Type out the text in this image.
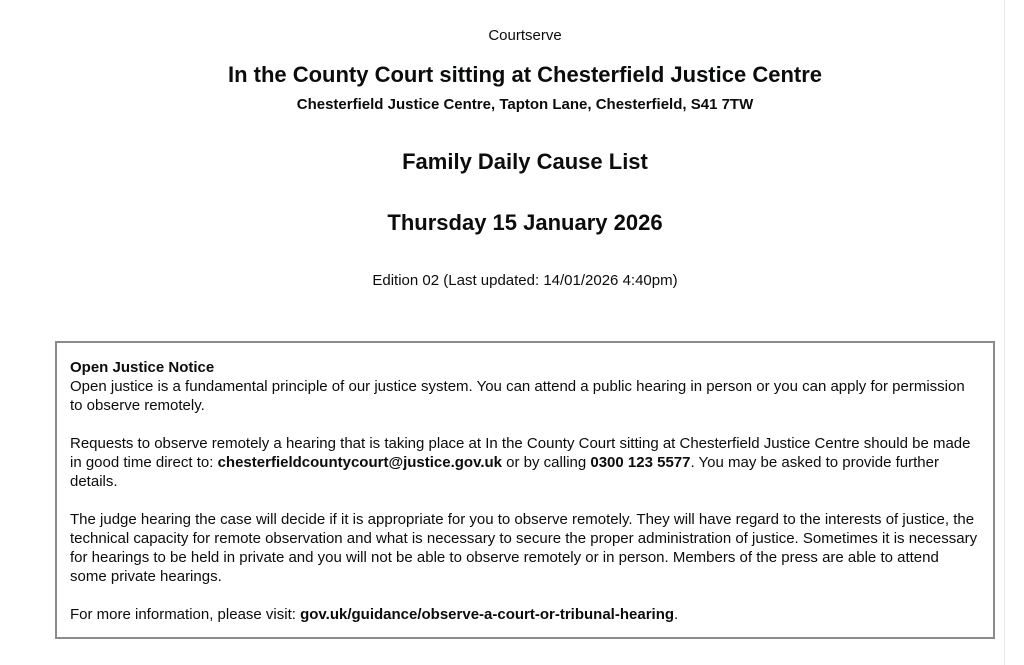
Courtserve
In the County Court sitting at Chesterfield Justice Centre
Chesterfield Justice Centre, Tapton Lane, Chesterfield, S41 7TW
Family Daily Cause List
Thursday 15 January 2026
Edition 02 (Last updated: 14/01/2026 4:40pm)

Open Justice Notice
Open justice is a fundamental principle of our justice system. You can attend a public hearing in person or you can apply for permission to observe remotely.

Requests to observe remotely a hearing that is taking place at In the County Court sitting at Chesterfield Justice Centre should be made in good time direct to: chesterfieldcountycourt@justice.gov.uk or by calling 0300 123 5577. You may be asked to provide further details.

The judge hearing the case will decide if it is appropriate for you to observe remotely. They will have regard to the interests of justice, the technical capacity for remote observation and what is necessary to secure the proper administration of justice. Sometimes it is necessary for hearings to be held in private and you will not be able to observe remotely or in person. Members of the press are able to attend some private hearings.

For more information, please visit: gov.uk/guidance/observe-a-court-or-tribunal-hearing.
